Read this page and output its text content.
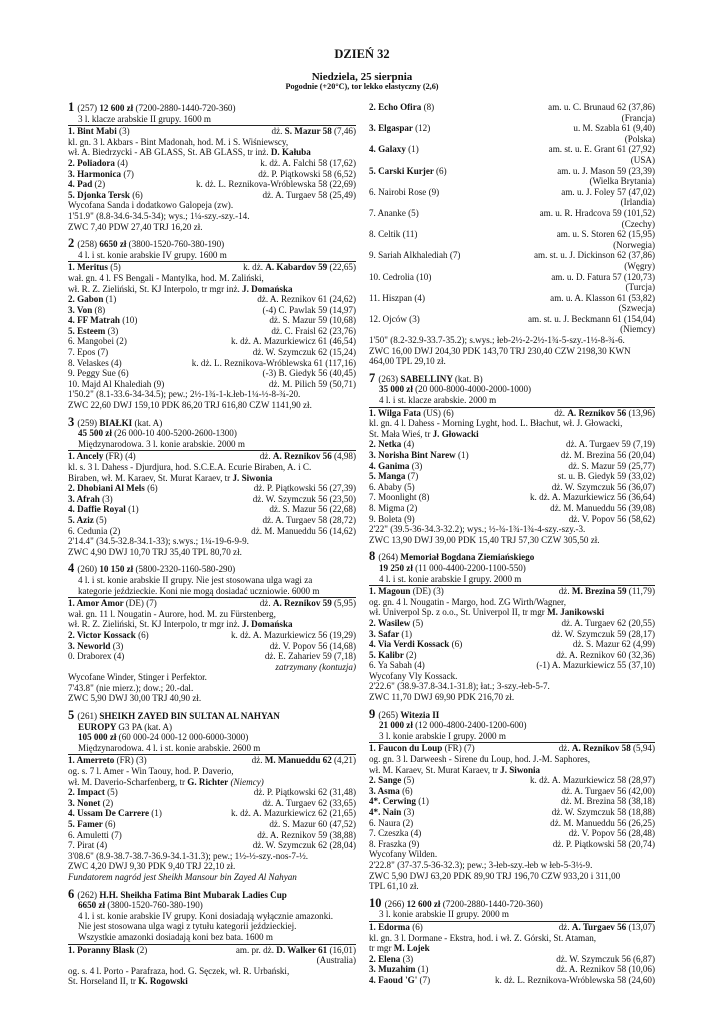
DZIEŃ 32
Niedziela, 25 sierpnia
Pogodnie (+20°C), tor lekko elastyczny (2,6)
1 (257) 12 600 zł (7200-2880-1440-720-360)
3 l. klacze arabskie II grupy. 1600 m
1. Bint Mabi (3)	dż. S. Mazur 58 (7,46)
kl. gn. 3 l. Akbars - Bint Madonah, hod. M. i S. Wiśniewscy,
wł. A. Biedrzycki - AB GLASS, St. AB GLASS, tr inż. D. Kałuba
2. Poliadora (4)	k. dż. A. Falchi 58 (17,62)
3. Harmonica (7)	dż. P. Piątkowski 58 (6,52)
4. Pad (2)	k. dż. L. Reznikova-Wróblewska 58 (22,69)
5. Djonka Tersk (6)	dż. A. Turgaev 58 (25,49)
Wycofana Sanda i dodatkowo Galopeja (zw).
1'51.9" (8.8-34.6-34.5-34); wys.; 1¼-szy.-szy.-14.
ZWC 7,40 PDW 27,40 TRJ 16,20 zł.
2 (258) 6650 zł (3800-1520-760-380-190)
4 l. i st. konie arabskie IV grupy. 1600 m
1. Meritus (5)	k. dż. A. Kabardov 59 (22,65)
wał. gn. 4 l. FS Bengali - Mantylka, hod. M. Zaliński,
wł. R. Z. Zieliński, St. KJ Interpolo, tr mgr inż. J. Domańska
2. Gabon (1)	dż. A. Reznikov 61 (24,62)
3. Von (8)	(-4) C. Pawlak 59 (14,97)
4. FF Matrah (10)	dż. S. Mazur 59 (10,68)
5. Esteem (3)	dż. C. Fraisl 62 (23,76)
6. Mangobei (2)	k. dż. A. Mazurkiewicz 61 (46,54)
7. Epos (7)	dż. W. Szymczuk 62 (15,24)
8. Velaskes (4)	k. dż. L. Reznikova-Wróblewska 61 (117,16)
9. Peggy Sue (6)	(-3) B. Giedyk 56 (40,45)
10. Majd Al Khalediah (9)	dż. M. Pilich 59 (50,71)
1'50.2" (8.1-33.6-34-34.5); pew.; 2½-1¾-1-k.łeb-1¼-½-8-¾-20.
ZWC 22,60 DWJ 159,10 PDK 86,20 TRJ 616,80 CZW 1141,90 zł.
3 (259) BIAŁKI (kat. A)
45 500 zł (26 000-10 400-5200-2600-1300)
Międzynarodowa. 3 l. konie arabskie. 2000 m
1. Ancely (FR) (4)	dż. A. Reznikov 56 (4,98)
kl. s. 3 l. Dahess - Djurdjura, hod. S.C.E.A. Ecurie Biraben, A. i C.
Biraben, wł. M. Karaev, St. Murat Karaev, tr J. Siwonia
2. Dhobiani Al Mels (6)	dż. P. Piątkowski 56 (27,39)
3. Afrah (3)	dż. W. Szymczuk 56 (23,50)
4. Daffie Royal (1)	dż. S. Mazur 56 (22,68)
5. Aziz (5)	dż. A. Turgaev 58 (28,72)
6. Cedunia (2)	dż. M. Manueddu 56 (14,62)
2'14.4" (34.5-32.8-34.1-33); s.wys.; 1¼-19-6-9-9.
ZWC 4,90 DWJ 10,70 TRJ 35,40 TPL 80,70 zł.
4 (260) 10 150 zł (5800-2320-1160-580-290)
4 l. i st. konie arabskie II grupy. Nie jest stosowana ulga wagi za
kategorie jeździeckie. Koni nie mogą dosiadać uczniowie. 6000 m
1. Amor Amor (DE) (7)	dż. A. Reznikov 59 (5,95)
wał. gn. 11 l. Nougatin - Aurore, hod. M. zu Fürstenberg,
wł. R. Z. Zieliński, St. KJ Interpolo, tr mgr inż. J. Domańska
2. Victor Kossack (6)	k. dż. A. Mazurkiewicz 56 (19,29)
3. Neworld (3)	dż. V. Popov 56 (14,68)
0. Draborex (4)	dż. E. Zahariev 59 (7,18)
zatrzymany (kontuzja)
Wycofane Winder, Stinger i Perfektor.
7'43.8" (nie mierz.); dow.; 20.-dal.
ZWC 5,90 DWJ 30,00 TRJ 40,90 zł.
5 (261) SHEIKH ZAYED BIN SULTAN AL NAHYAN
EUROPY G3 PA (kat. A)
105 000 zł (60 000-24 000-12 000-6000-3000)
Międzynarodowa. 4 l. i st. konie arabskie. 2600 m
1. Amerreto (FR) (3)	dż. M. Manueddu 62 (4,21)
og. s. 7 l. Amer - Win Taouy, hod. P. Daverio,
wł. M. Daverio-Scharfenberg, tr G. Richter (Niemcy)
2. Impact (5)	dż. P. Piątkowski 62 (31,48)
3. Nonet (2)	dż. A. Turgaev 62 (33,65)
4. Ussam De Carrere (1)	k. dż. A. Mazurkiewicz 62 (21,65)
5. Famer (6)	dż. S. Mazur 60 (47,52)
6. Amuletti (7)	dż. A. Reznikov 59 (38,88)
7. Pirat (4)	dż. W. Szymczuk 62 (28,04)
3'08.6" (8.9-38.7-38.7-36.9-34.1-31.3); pew.; 1½-½-szy.-nos-7-½.
ZWC 4,20 DWJ 9,30 PDK 9,40 TRJ 22,10 zł.
Fundatorem nagród jest Sheikh Mansour bin Zayed Al Nahyan
6 (262) H.H. Sheikha Fatima Bint Mubarak Ladies Cup
6650 zł (3800-1520-760-380-190)
4 l. i st. konie arabskie IV grupy. Koni dosiadają wyłącznie amazonki.
Nie jest stosowana ulga wagi z tytułu kategorii jeździeckiej.
Wszystkie amazonki dosiadają koni bez bata. 1600 m
1. Poranny Blask (2)	am. pr. dż. D. Walker 61 (16,01)
(Australia)
og. s. 4 l. Porto - Parafraza, hod. G. Sęczek, wł. R. Urbański,
St. Horseland II, tr K. Rogowski
2. Echo Ofira (8)	am. u. C. Brunaud 62 (37,86)
(Francja)
3. Elgaspar (12)	u. M. Szabla 61 (9,40)
(Polska)
4. Galaxy (1)	am. st. u. E. Grant 61 (27,92)
(USA)
5. Carski Kurjer (6)	am. u. J. Mason 59 (23,39)
(Wielka Brytania)
6. Nairobi Rose (9)	am. u. J. Foley 57 (47,02)
(Irlandia)
7. Ananke (5)	am. u. R. Hradcova 59 (101,52)
(Czechy)
8. Celtik (11)	am. u. S. Storen 62 (15,95)
(Norwegia)
9. Sariah Alkhalediah (7)	am. st. u. J. Dickinson 62 (37,86)
(Węgry)
10. Cedrolia (10)	am. u. D. Fatura 57 (120,73)
(Turcja)
11. Hiszpan (4)	am. u. A. Klasson 61 (53,82)
(Szwecja)
12. Ojców (3)	am. st. u. J. Beckmann 61 (154,04)
(Niemcy)
1'50" (8.2-32.9-33.7-35.2); s.wys.; łeb-2½-2-2½-1¾-5-szy.-1½-8-¾-6.
ZWC 16,00 DWJ 204,30 PDK 143,70 TRJ 230,40 CZW 2198,30 KWN
464,00 TPL 29,10 zł.
7 (263) SABELLINY (kat. B)
35 000 zł (20 000-8000-4000-2000-1000)
4 l. i st. klacze arabskie. 2000 m
1. Wilga Fata (US) (6)	dż. A. Reznikov 56 (13,96)
kl. gn. 4 l. Dahess - Morning Lyght, hod. L. Błachut, wł. J. Głowacki,
St. Mała Wieś, tr J. Głowacki
2. Netka (4)	dż. A. Turgaev 59 (7,19)
3. Norisha Bint Narew (1)	dż. M. Brezina 56 (20,04)
4. Ganima (3)	dż. S. Mazur 59 (25,77)
5. Manga (7)	st. u. B. Giedyk 59 (33,02)
6. Ababy (5)	dż. W. Szymczuk 56 (36,07)
7. Moonlight (8)	k. dż. A. Mazurkiewicz 56 (36,64)
8. Migma (2)	dż. M. Manueddu 56 (39,08)
9. Boleta (9)	dż. V. Popov 56 (58,62)
2'22" (39.5-36-34.3-32.2); wys.; ½-¾-1¾-1¾-4-szy.-szy.-3.
ZWC 13,90 DWJ 39,00 PDK 15,40 TRJ 57,30 CZW 305,50 zł.
8 (264) Memoriał Bogdana Ziemiańskiego
19 250 zł (11 000-4400-2200-1100-550)
4 l. i st. konie arabskie I grupy. 2000 m
1. Magoun (DE) (3)	dż. M. Brezina 59 (11,79)
og. gn. 4 l. Nougatin - Margo, hod. ZG Wirth/Wagner,
wł. Univerpol Sp. z o.o., St. Univerpol II, tr mgr M. Janikowski
2. Wasilew (5)	dż. A. Turgaev 62 (20,55)
3. Safar (1)	dż. W. Szymczuk 59 (28,17)
4. Via Verdi Kossack (6)	dż. S. Mazur 62 (4,99)
5. Kalibr (2)	dż. A. Reznikov 60 (32,36)
6. Ya Sabah (4)	(-1) A. Mazurkiewicz 55 (37,10)
Wycofany Vly Kossack.
2'22.6" (38.9-37.8-34.1-31.8); łat.; 3-szy.-łeb-5-7.
ZWC 11,70 DWJ 69,90 PDK 216,70 zł.
9 (265) Witezia II
21 000 zł (12 000-4800-2400-1200-600)
3 l. konie arabskie I grupy. 2000 m
1. Faucon du Loup (FR) (7)	dż. A. Reznikov 58 (5,94)
og. gn. 3 l. Darweesh - Sirene du Loup, hod. J.-M. Saphores,
wł. M. Karaev, St. Murat Karaev, tr J. Siwonia
2. Sange (5)	k. dż. A. Mazurkiewicz 58 (28,97)
3. Asma (6)	dż. A. Turgaev 56 (42,00)
4*. Cerwing (1)	dż. M. Brezina 58 (38,18)
4*. Nain (3)	dż. W. Szymczuk 58 (18,88)
6. Naura (2)	dż. M. Manueddu 56 (26,25)
7. Czeszka (4)	dż. V. Popov 56 (28,48)
8. Fraszka (9)	dż. P. Piątkowski 58 (20,74)
Wycofany Wilden.
2'22.8" (37-37.5-36-32.3); pew.; 3-łeb-szy.-łeb w łeb-5-3½-9.
ZWC 5,90 DWJ 63,20 PDK 89,90 TRJ 196,70 CZW 933,20 i 311,00
TPL 61,10 zł.
10 (266) 12 600 zł (7200-2880-1440-720-360)
3 l. konie arabskie II grupy. 2000 m
1. Edorma (6)	dż. A. Turgaev 56 (13,07)
kl. gn. 3 l. Dormane - Ekstra, hod. i wł. Z. Górski, St. Ataman,
tr mgr M. Lojek
2. Elena (3)	dż. W. Szymczuk 56 (6,87)
3. Muzahim (1)	dż. A. Reznikov 58 (10,06)
4. Faoud 'G' (7)	k. dż. L. Reznikova-Wróblewska 58 (24,60)
